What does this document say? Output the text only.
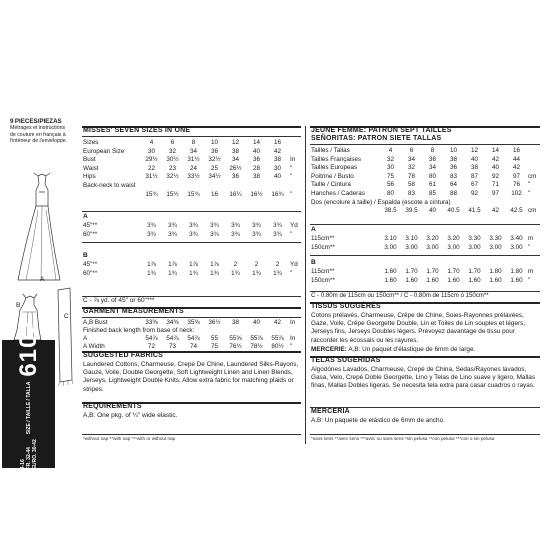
9 PIECES/PIEZAS
Métrages et instructions de couture en français à l'intérieur de l'enveloppe.
A
B
C
A
4-16
FR. 32-44
EURO. 30-42
SIZE / TAILLE / TALLA
6102
MISSES' SEVEN SIZES IN ONE
Sizes	4	6	8	10	12	14	16
European Size	30	32	34	36	38	40	42
Bust	29½	30½	31½	32½	34	36	38	In
Waist	22	23	24	25	26½	28	30	"
Hips	31½	32½	33½	34½	36	38	40	"
Back-neck to waist
15¾	15½	15¾	16	16¼	16½	16¾	"
A
45"**	3¾	3¾	3¾	3¾	3¾	3¾	3¾	Yd
60"**	3¾	3¾	3¾	3¾	3¾	3¾	3¾	"
B
45"**	1⅞	1⅞	1⅞	1⅞	2	2	2	Yd
60"**	1¾	1¾	1¾	1¾	1¾	1¾	1¾	"
C - ⅞ yd. of 45" or 60"***
GARMENT MEASUREMENTS
A,B Bust	33⅜	34⅜	35⅜	36½	38	40	42	In
Finished back length from base of neck:
A	54⅞	54⅞	54⅞	55	55⅝	55⅞	55⅞	In
A Width	72	73	74	75	76½	78½	80½	"
SUGGESTED FABRICS
Laundered Cottons, Charmeuse, Crepe De Chine, Laundered Silks-Rayons, Gauze, Voile, Double Georgette, Soft Lightweight Linen and Linen Blends, Jerseys, Lightweight Double Knits. Allow extra fabric for matching plaids or stripes.
REQUIREMENTS
A,B: One pkg. of ¼" wide elastic.
*without nap **with nap ***with or without nap
JEUNE FEMME: PATRON SEPT TAILLES
SEÑORITAS: PATRON SIETE TALLAS
Tailles / Tallas	4	6	8	10	12	14	16
Tailles Françaises	32	34	36	38	40	42	44
Tailles Europeas	30	32	34	36	38	40	42
Poitrine / Busto	75	78	80	83	87	92	97	cm
Taille / Cintura	56	58	61	64	67	71	76	"
Hanches / Caderas	80	83	85	88	92	97	102 "
Dos (encolure à taille) / Espalda (escote a cintura)
38.5	39.5	40	40.5	41.5	42	42.5 cm
A
115cm**	3.10	3.10	3.20	3.20	3.30	3.30	3.40 m
150cm**	3.00	3.00	3.00	3.00	3.00	3.00	3.00 "
B
115cm**	1.60	1.70	1.70	1.70	1.70	1.80	1.80 m
150cm**	1.60	1.60	1.60	1.60	1.60	1.60	1.60 "
C - 0.80m de 115cm ou 150cm** / C - 0.80m de 115cm ó 150cm**
TISSUS SUGGÉRÉS
Cotons prélavés, Charmeuse, Crêpe de Chine, Soies-Rayonnes prélavées, Gaze, Voile, Crêpe Georgette Double, Lin et Toiles de Lin souples et légers, Jerseys fins, Jerseys Doubles légers. Prévoyez davantage de tissu pour raccorder les écossais ou les rayures.
MERCERIE: A,B: Un paquet d'élastique de 6mm de large.
TELAS SUGERIDAS
Algodónes Lavados, Charmeuse, Crepé de China, Sedas/Rayones lavados, Gasa, Velo, Crepé Doble Georgette, Lino y Telas de Lino suave y ligero, Mallas finas, Mallas Dobles ligeras. Se necesita tela extra para casar cuadros o rayas.
MERCERIA
A,B: Un paquete de elástico de 6mm de ancho.
*sans sens **avec sens ***avec ou sans sens *sin pelusa **con pelusa ***con o sin pelusa
